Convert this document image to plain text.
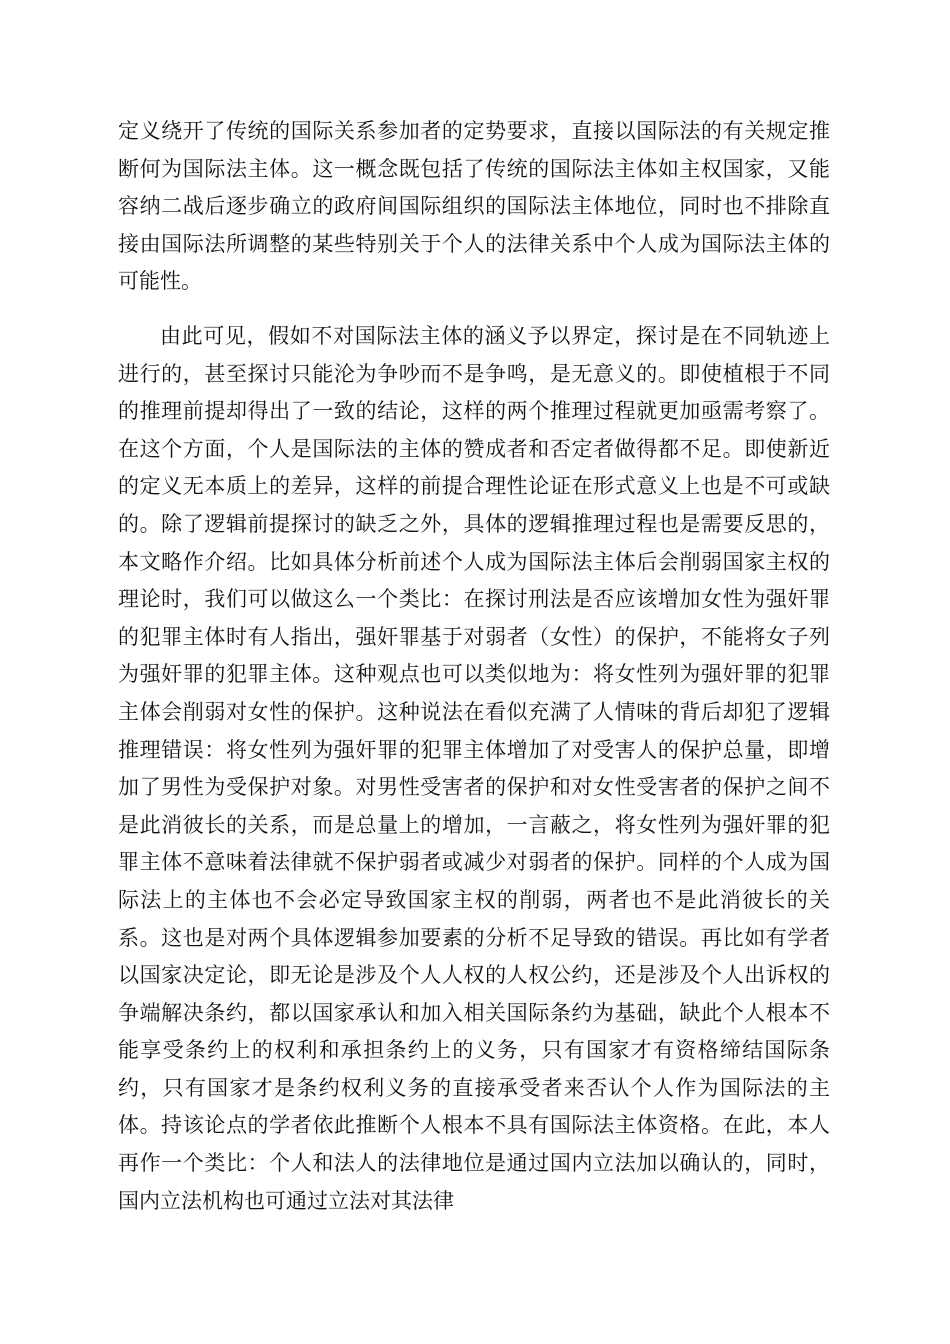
定义绕开了传统的国际关系参加者的定势要求，直接以国际法的有关规定推断何为国际法主体。这一概念既包括了传统的国际法主体如主权国家，又能容纳二战后逐步确立的政府间国际组织的国际法主体地位，同时也不排除直接由国际法所调整的某些特别关于个人的法律关系中个人成为国际法主体的可能性。

由此可见，假如不对国际法主体的涵义予以界定，探讨是在不同轨迹上进行的，甚至探讨只能沦为争吵而不是争鸣，是无意义的。即使植根于不同的推理前提却得出了一致的结论，这样的两个推理过程就更加亟需考察了。在这个方面，个人是国际法的主体的赞成者和否定者做得都不足。即使新近的定义无本质上的差异，这样的前提合理性论证在形式意义上也是不可或缺的。除了逻辑前提探讨的缺乏之外，具体的逻辑推理过程也是需要反思的，本文略作介绍。比如具体分析前述个人成为国际法主体后会削弱国家主权的理论时，我们可以做这么一个类比：在探讨刑法是否应该增加女性为强奸罪的犯罪主体时有人指出，强奸罪基于对弱者（女性）的保护，不能将女子列为强奸罪的犯罪主体。这种观点也可以类似地为：将女性列为强奸罪的犯罪主体会削弱对女性的保护。这种说法在看似充满了人情味的背后却犯了逻辑推理错误：将女性列为强奸罪的犯罪主体增加了对受害人的保护总量，即增加了男性为受保护对象。对男性受害者的保护和对女性受害者的保护之间不是此消彼长的关系，而是总量上的增加，一言蔽之，将女性列为强奸罪的犯罪主体不意味着法律就不保护弱者或减少对弱者的保护。同样的个人成为国际法上的主体也不会必定导致国家主权的削弱，两者也不是此消彼长的关系。这也是对两个具体逻辑参加要素的分析不足导致的错误。再比如有学者以国家决定论，即无论是涉及个人人权的人权公约，还是涉及个人出诉权的争端解决条约，都以国家承认和加入相关国际条约为基础，缺此个人根本不能享受条约上的权利和承担条约上的义务，只有国家才有资格缔结国际条约，只有国家才是条约权利义务的直接承受者来否认个人作为国际法的主体。持该论点的学者依此推断个人根本不具有国际法主体资格。在此，本人再作一个类比：个人和法人的法律地位是通过国内立法加以确认的，同时，国内立法机构也可通过立法对其法律
